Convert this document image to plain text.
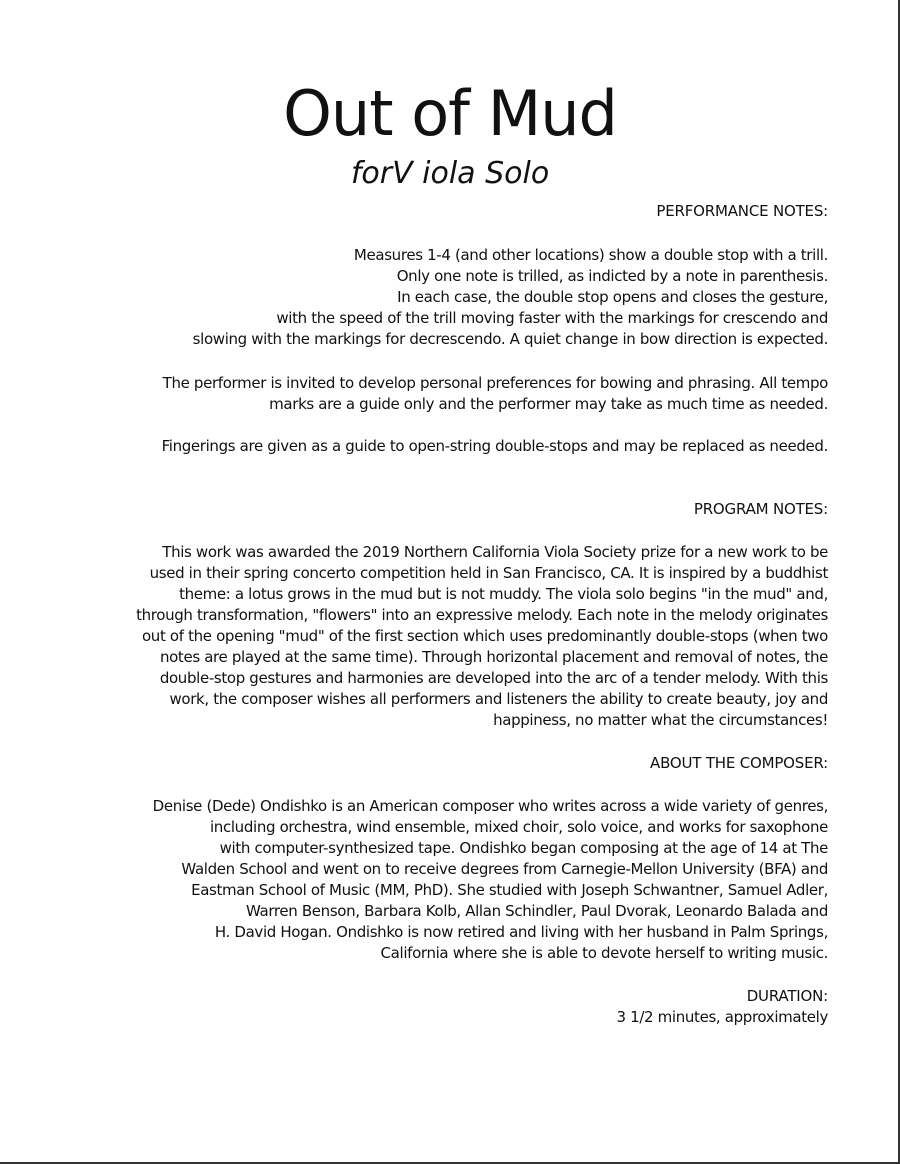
Out of Mud
forV iola Solo
PERFORMANCE NOTES:
Measures 1-4 (and other locations) show a double stop with a trill.
Only one note is trilled, as indicted by a note in parenthesis.
In each case, the double stop opens and closes the gesture,
with the speed of the trill moving faster with the markings for crescendo and
slowing with the markings for decrescendo. A quiet change in bow direction is expected.
The performer is invited to develop personal preferences for bowing and phrasing. All tempo
marks are a guide only and the performer may take as much time as needed.
Fingerings are given as a guide to open-string double-stops and may be replaced as needed.
PROGRAM NOTES:
This work was awarded the 2019 Northern California Viola Society prize for a new work to be
used in their spring concerto competition held in San Francisco, CA. It is inspired by a buddhist
theme: a lotus grows in the mud but is not muddy. The viola solo begins "in the mud" and,
through transformation, "flowers" into an expressive melody. Each note in the melody originates
out of the opening "mud" of the first section which uses predominantly double-stops (when two
notes are played at the same time). Through horizontal placement and removal of notes, the
double-stop gestures and harmonies are developed into the arc of a tender melody. With this
work, the composer wishes all performers and listeners the ability to create beauty, joy and
happiness, no matter what the circumstances!
ABOUT THE COMPOSER:
Denise (Dede) Ondishko is an American composer who writes across a wide variety of genres,
including orchestra, wind ensemble, mixed choir, solo voice, and works for saxophone
with computer-synthesized tape. Ondishko began composing at the age of 14 at The
Walden School and went on to receive degrees from Carnegie-Mellon University (BFA) and
Eastman School of Music (MM, PhD). She studied with Joseph Schwantner, Samuel Adler,
Warren Benson, Barbara Kolb, Allan Schindler, Paul Dvorak, Leonardo Balada and
H. David Hogan. Ondishko is now retired and living with her husband in Palm Springs,
California where she is able to devote herself to writing music.
DURATION:
3 1/2 minutes, approximately
